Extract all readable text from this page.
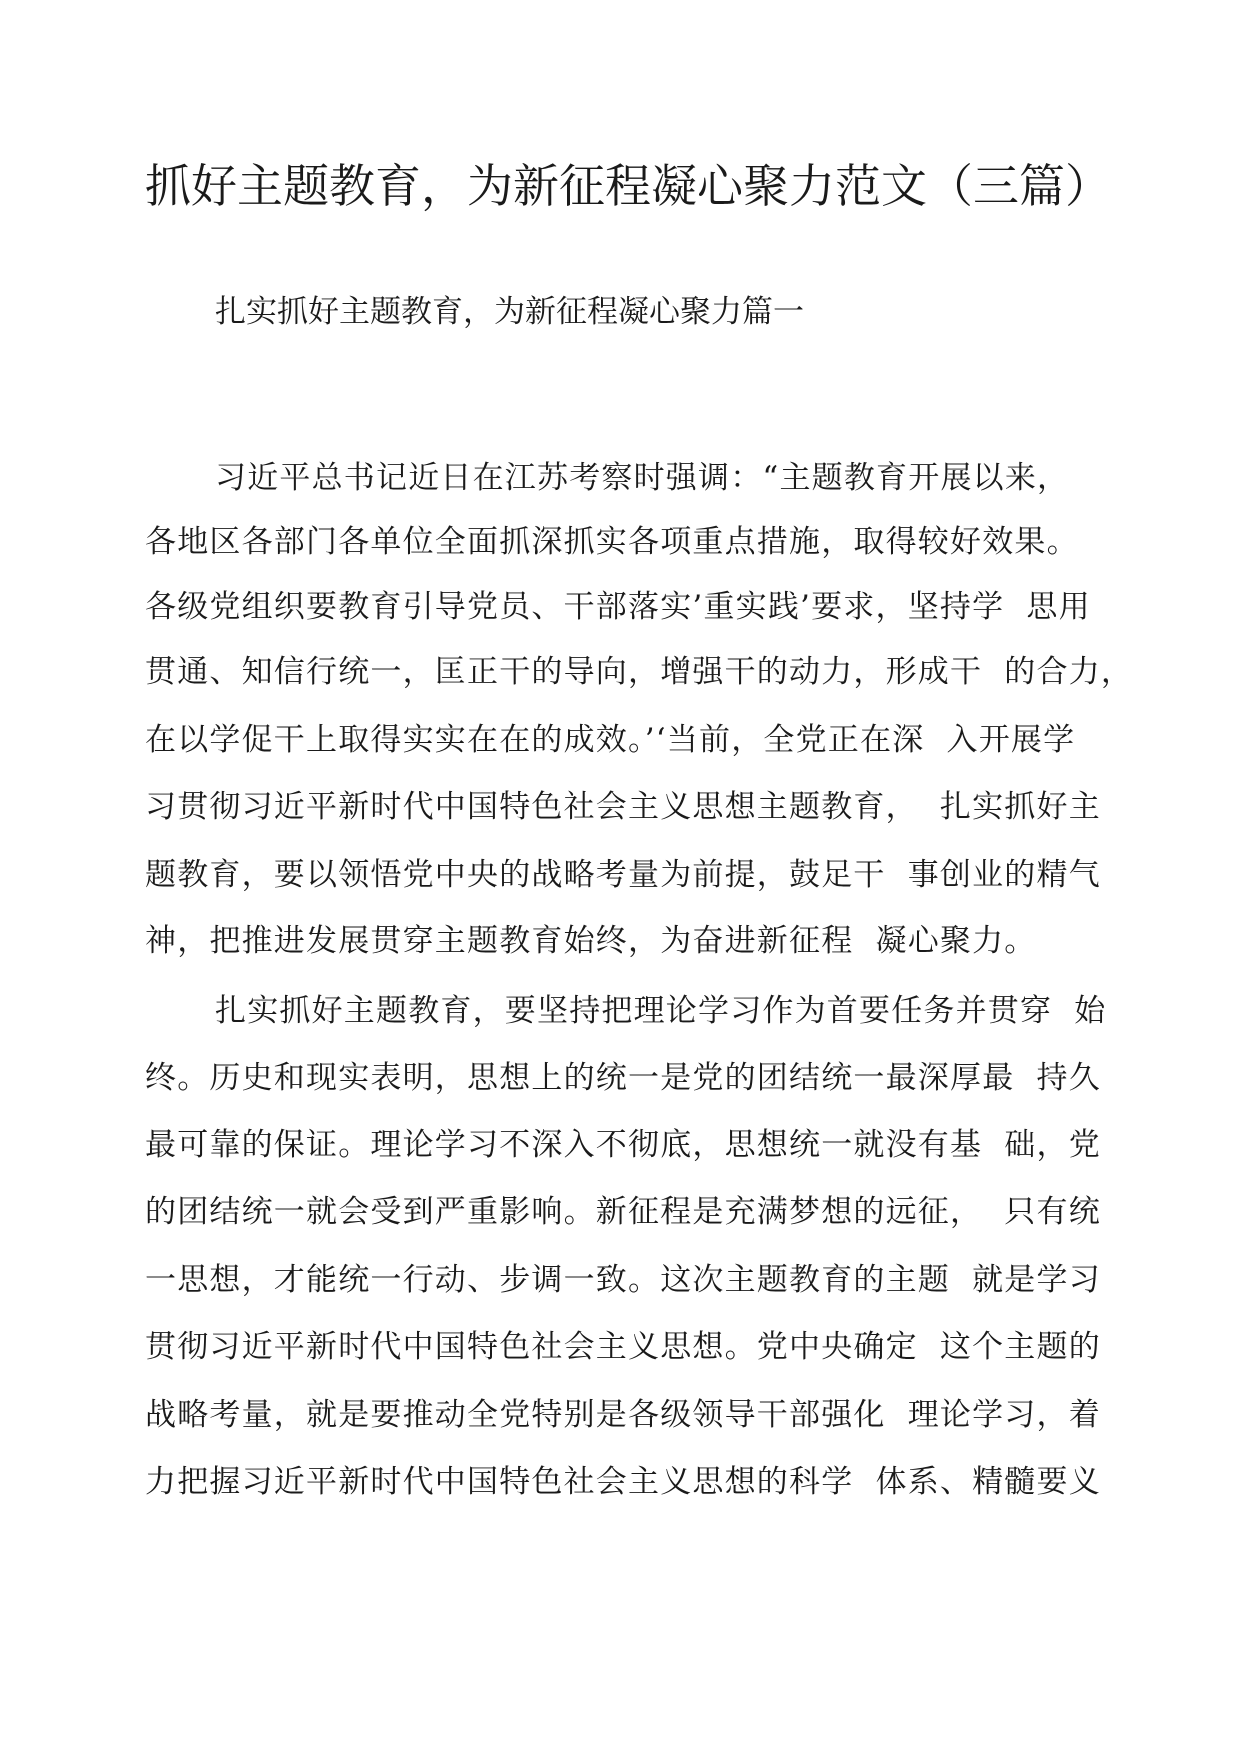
抓好主题教育，为新征程凝心聚力范文（三篇）
扎实抓好主题教育，为新征程凝心聚力篇一
习近平总书记近日在江苏考察时强调：“主题教育开展以来，
各地区各部门各单位全面抓深抓实各项重点措施，取得较好效果。
各级党组织要教育引导党员、干部落实’重实践’要求，坚持学  思用
贯通、知信行统一，匡正干的导向，增强干的动力，形成干  的合力，
在以学促干上取得实实在在的成效。’‘当前，全党正在深  入开展学
习贯彻习近平新时代中国特色社会主义思想主题教育，  扎实抓好主
题教育，要以领悟党中央的战略考量为前提，鼓足干  事创业的精气
神，把推进发展贯穿主题教育始终，为奋进新征程  凝心聚力。
扎实抓好主题教育，要坚持把理论学习作为首要任务并贯穿  始
终。历史和现实表明，思想上的统一是党的团结统一最深厚最  持久
最可靠的保证。理论学习不深入不彻底，思想统一就没有基  础，党
的团结统一就会受到严重影响。新征程是充满梦想的远征，  只有统
一思想，才能统一行动、步调一致。这次主题教育的主题  就是学习
贯彻习近平新时代中国特色社会主义思想。党中央确定  这个主题的
战略考量，就是要推动全党特别是各级领导干部强化  理论学习，着
力把握习近平新时代中国特色社会主义思想的科学  体系、精髓要义
